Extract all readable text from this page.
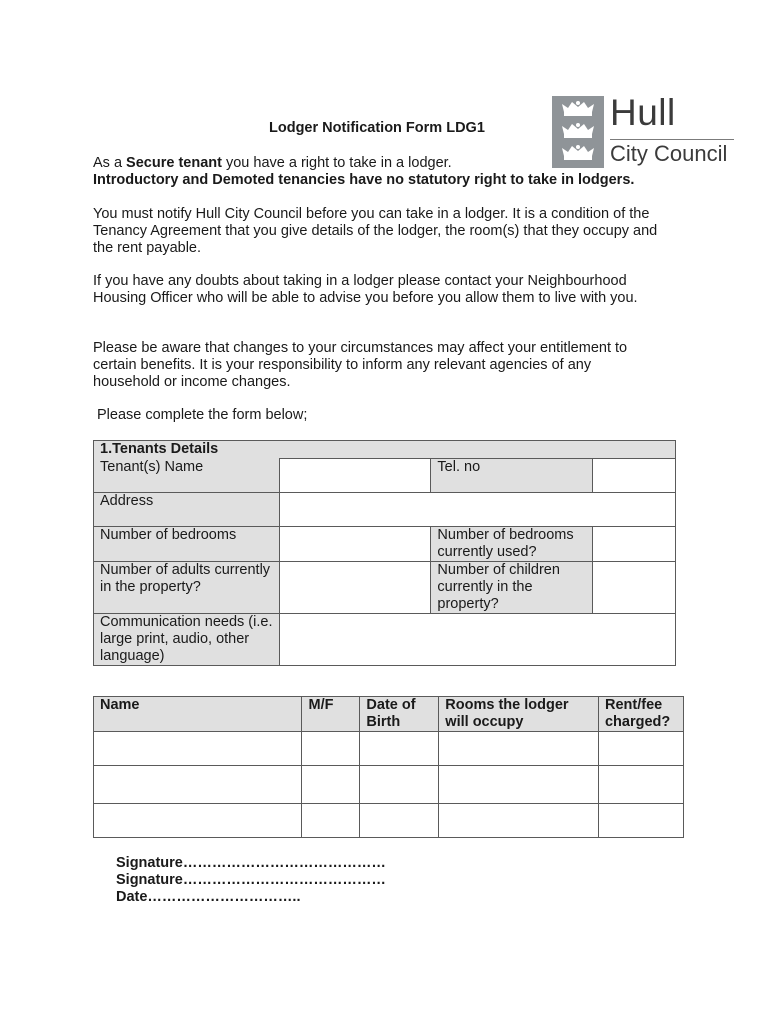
Hull
City Council
Lodger Notification Form LDG1

As a Secure tenant you have a right to take in a lodger.
Introductory and Demoted tenancies have no statutory right to take in lodgers.

You must notify Hull City Council before you can take in a lodger. It is a condition of the Tenancy Agreement that you give details of the lodger, the room(s) that they occupy and the rent payable.

If you have any doubts about taking in a lodger please contact your Neighbourhood Housing Officer who will be able to advise you before you allow them to live with you.

Please be aware that changes to your circumstances may affect your entitlement to certain benefits. It is your responsibility to inform any relevant agencies of any household or income changes.

Please complete the form below;

1.Tenants Details			
Tenant(s) Name		Tel. no	
Address			
Number of bedrooms		Number of bedrooms currently used?	
Number of adults currently in the property?		Number of children currently in the property?	
Communication needs (i.e. large print, audio, other language)			
Name	M/F	Date of Birth	Rooms the lodger will occupy	Rent/fee charged?

Signature……………………………………
Signature……………………………………
Date…………………………..
